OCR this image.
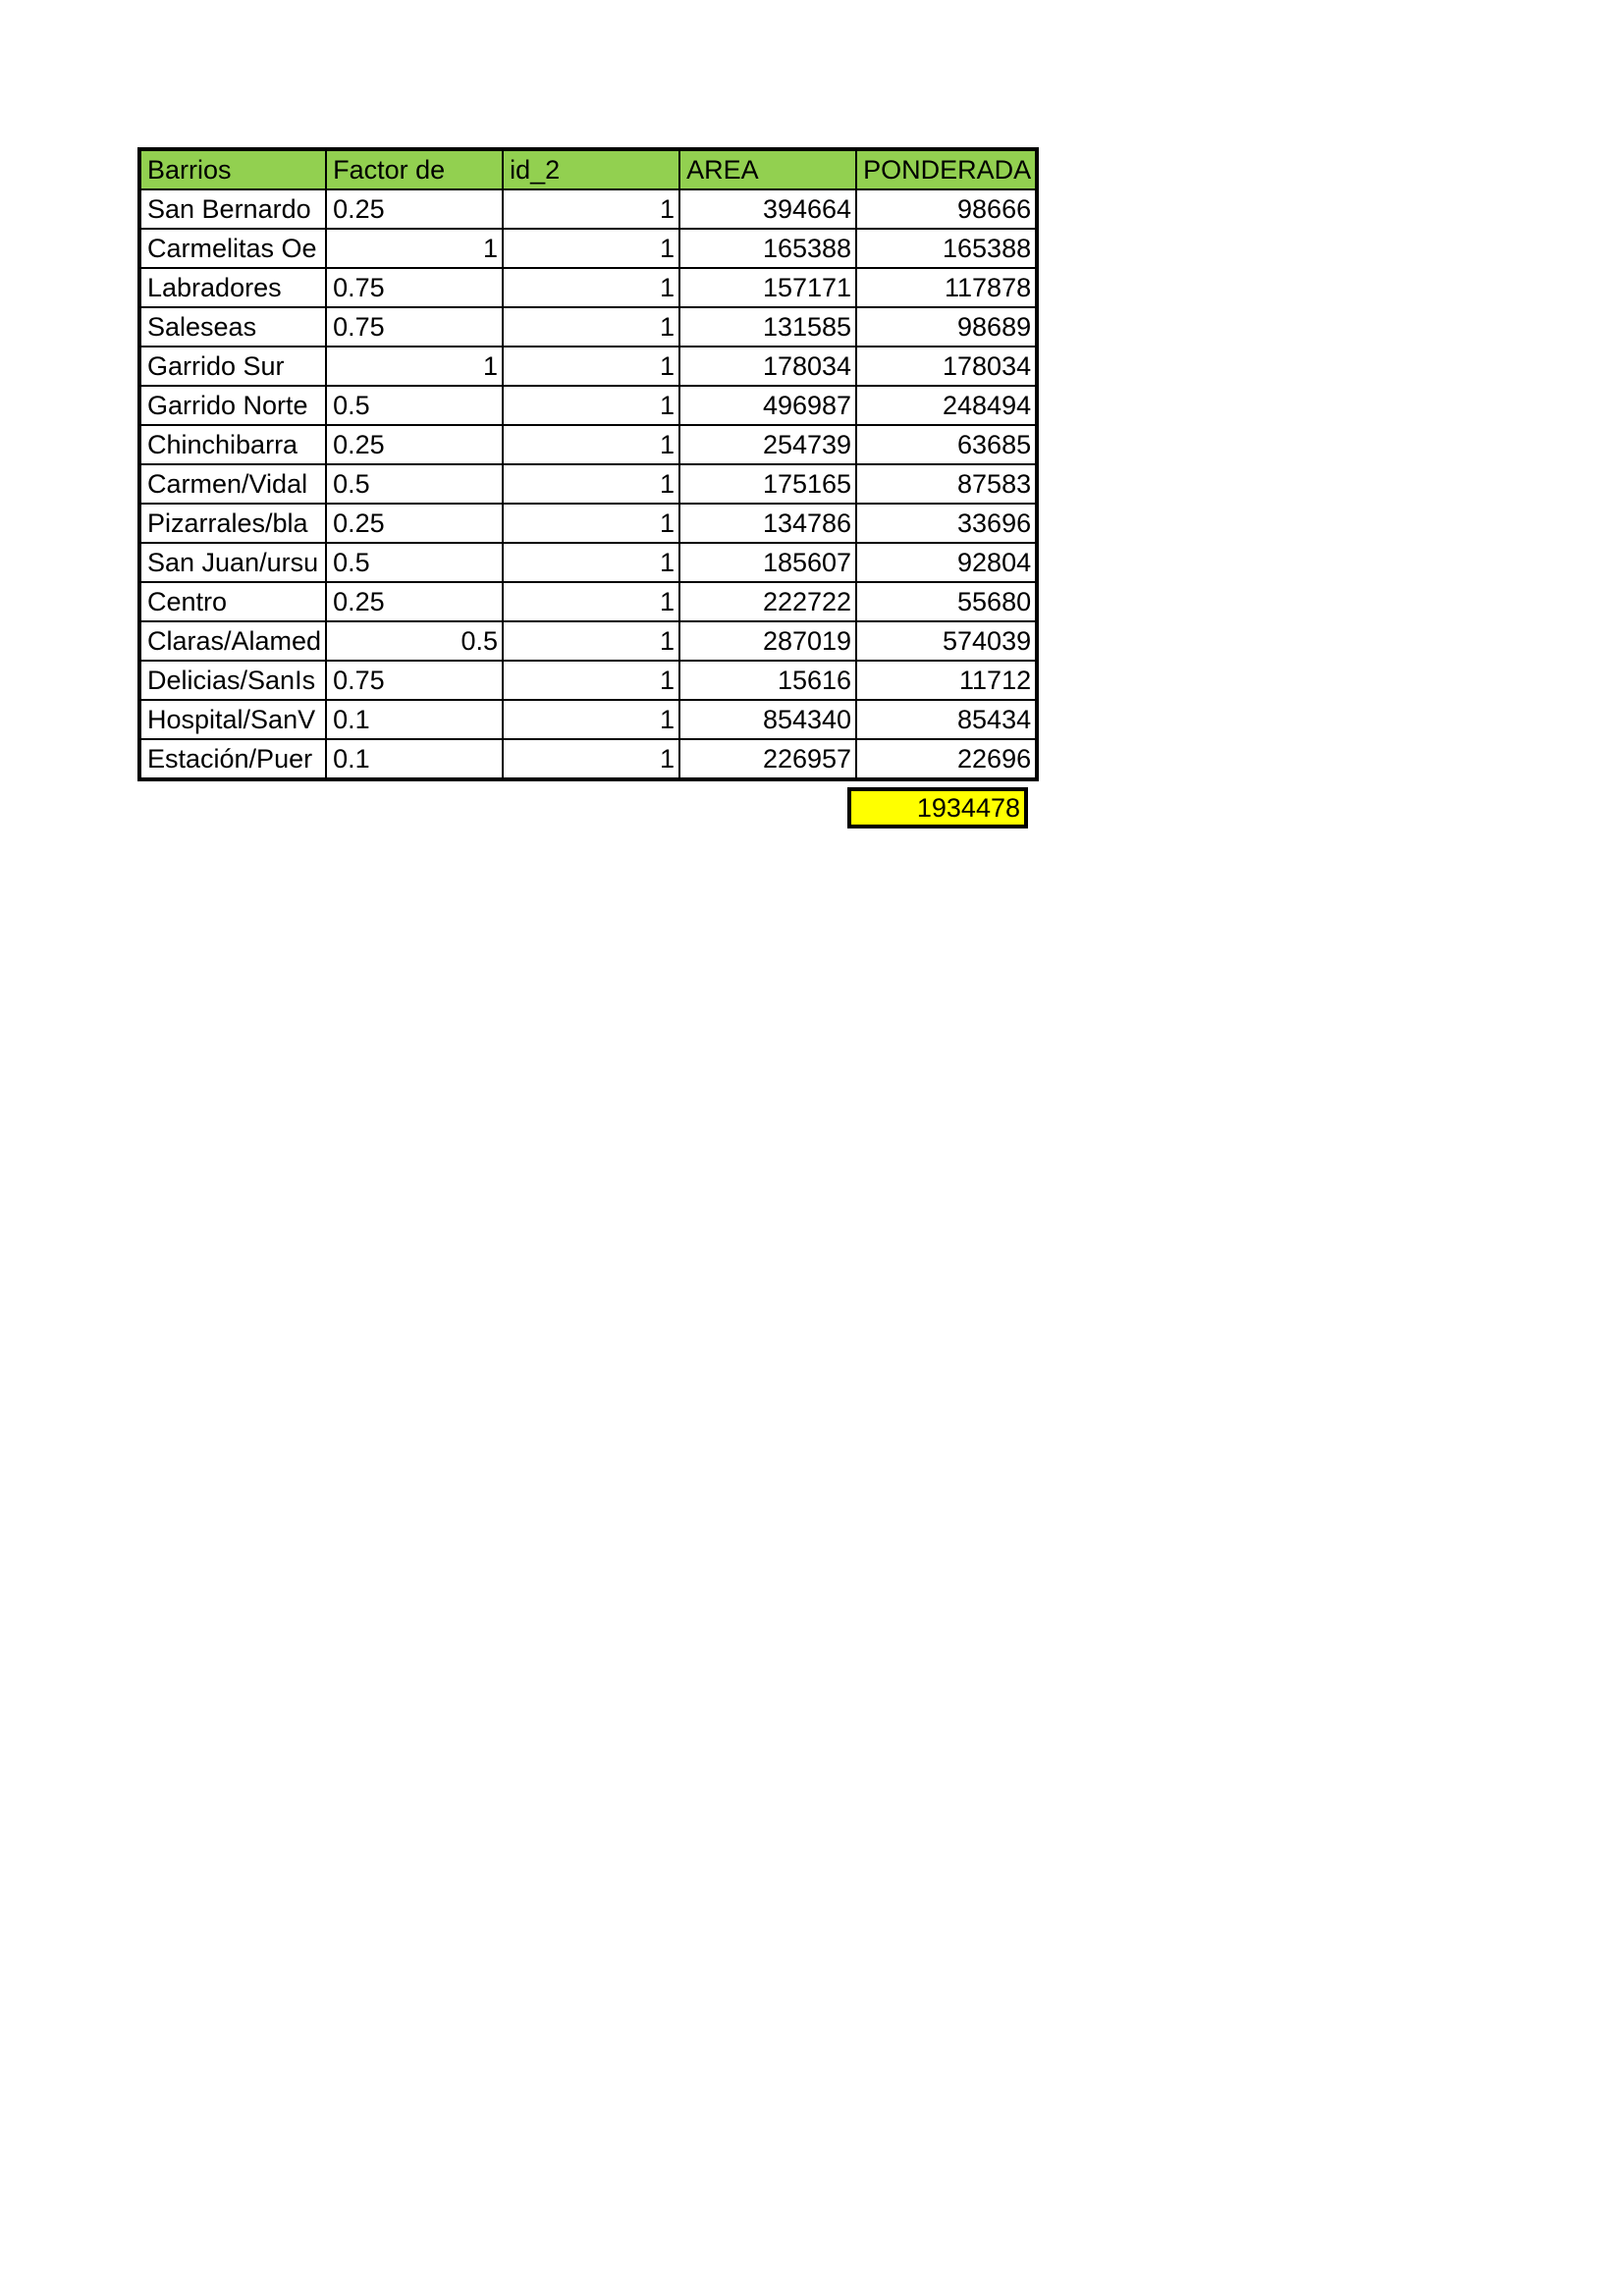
Barrios	Factor de	id_2	AREA	PONDERADA
San Bernardo	0.25	1	394664	98666
Carmelitas Oe	1	1	165388	165388
Labradores	0.75	1	157171	117878
Saleseas	0.75	1	131585	98689
Garrido Sur	1	1	178034	178034
Garrido Norte	0.5	1	496987	248494
Chinchibarra	0.25	1	254739	63685
Carmen/Vidal	0.5	1	175165	87583
Pizarrales/bla	0.25	1	134786	33696
San Juan/ursu	0.5	1	185607	92804
Centro	0.25	1	222722	55680
Claras/Alamed	0.5	1	287019	574039
Delicias/SanIs	0.75	1	15616	11712
Hospital/SanV	0.1	1	854340	85434
Estación/Puer	0.1	1	226957	22696
1934478
